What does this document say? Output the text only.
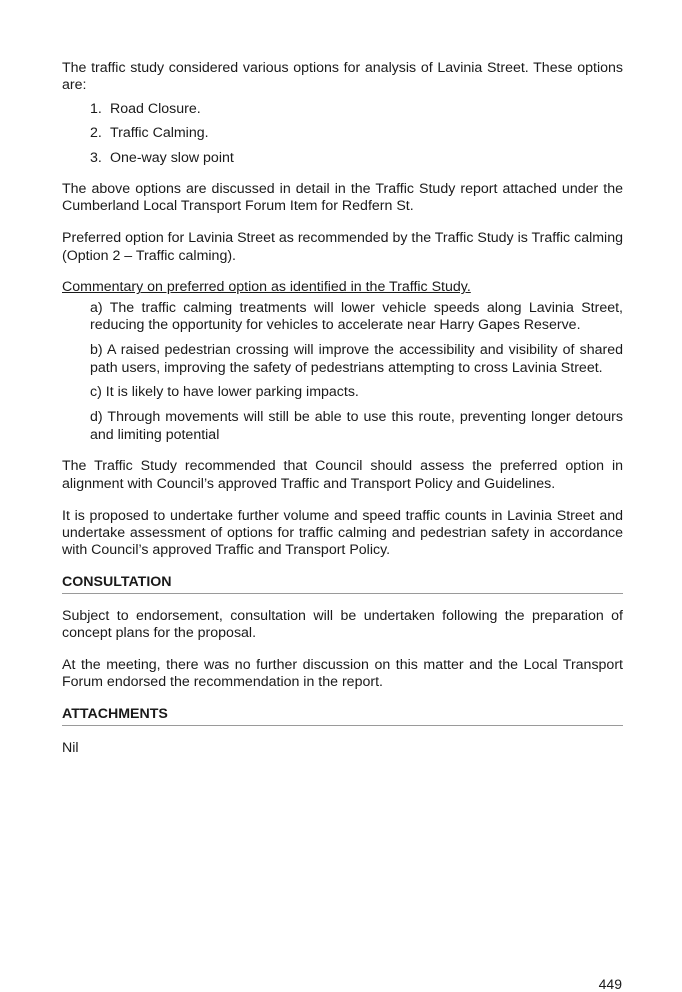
The traffic study considered various options for analysis of Lavinia Street. These options are:

1. Road Closure.
2. Traffic Calming.
3. One-way slow point

The above options are discussed in detail in the Traffic Study report attached under the Cumberland Local Transport Forum Item for Redfern St.

Preferred option for Lavinia Street as recommended by the Traffic Study is Traffic calming (Option 2 – Traffic calming).

Commentary on preferred option as identified in the Traffic Study.

a) The traffic calming treatments will lower vehicle speeds along Lavinia Street, reducing the opportunity for vehicles to accelerate near Harry Gapes Reserve.
b) A raised pedestrian crossing will improve the accessibility and visibility of shared path users, improving the safety of pedestrians attempting to cross Lavinia Street.
c) It is likely to have lower parking impacts.
d) Through movements will still be able to use this route, preventing longer detours and limiting potential

The Traffic Study recommended that Council should assess the preferred option in alignment with Council’s approved Traffic and Transport Policy and Guidelines.

It is proposed to undertake further volume and speed traffic counts in Lavinia Street and undertake assessment of options for traffic calming and pedestrian safety in accordance with Council’s approved Traffic and Transport Policy.

CONSULTATION

Subject to endorsement, consultation will be undertaken following the preparation of concept plans for the proposal.

At the meeting, there was no further discussion on this matter and the Local Transport Forum endorsed the recommendation in the report.

ATTACHMENTS

Nil

449
